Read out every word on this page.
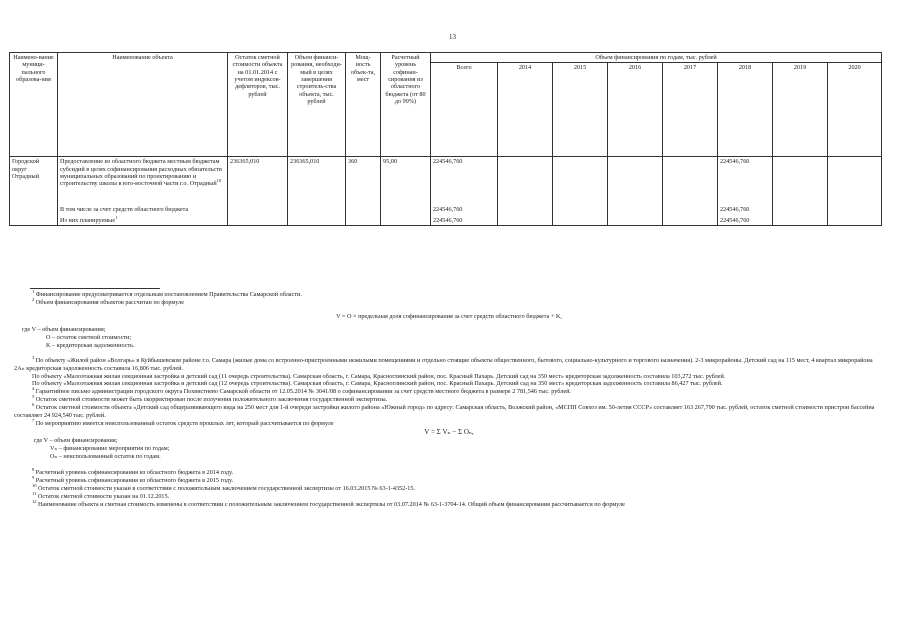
13
Наимено-вание муници-пального образова-ния	Наименование объекта	Остаток сметной стоимости объекта на 01.01.2014 с учетом индексов-дефляторов, тыс. рублей	Объем финанси-рования, необходи-мый в целях завершения строитель-ства объекта, тыс. рублей	Мощ-ность объек-та, мест	Расчетный уровень софинан-сирования из областного бюджета (от 80 до 99%)	Объем финансирования по годам, тыс. рублей							
						Всего	2014	2015	2016	2017	2018	2019	2020
Городской округ Отрадный	Предоставление из областного бюджета местным бюджетам субсидий в целях софинансирования расходных обязательств муниципальных образований по проектированию и строительству школы в юго-восточной части г.о. Отрадный$^{10}$	236365,010	236365,010	360	95,00	224546,760					224546,760		

	В том числе за счет средств областного бюджета					224546,760					224546,760		
	Из них планируемые$^1$					224546,760					224546,760		

$^1$ Финансирование предусматривается отдельным постановлением Правительства Самарской области.

$^2$ Объем финансирования объектов рассчитан по формуле

V = O × предельная доля софинансирования за счет средств областного бюджета + K,

где V – объем финансирования;

O – остаток сметной стоимости;

K – кредиторская задолженность.

$^3$ По объекту «Жилой район «Волгарь» в Куйбышевском районе г.о. Самара (жилые дома со встроенно-пристроенными нежилыми помещениями и отдельно стоящие объекты общественного, бытового, социально-культурного и торгового назначения). 2-3 микрорайоны. Детский сад на 115 мест, 4 квартал микрорайона 2А» кредиторская задолженность составила 16,806 тыс. рублей.

По объекту «Малоэтажная жилая секционная застройка и детский сад (11 очередь строительства). Самарская область, г. Самара, Красноглинский район, пос. Красный Пахарь. Детский сад на 350 мест» кредиторская задолженность составила 103,272 тыс. рублей.

По объекту «Малоэтажная жилая секционная застройка и детский сад (12 очередь строительства). Самарская область, г. Самара, Красноглинский район, пос. Красный Пахарь. Детский сад на 350 мест» кредиторская задолженность составила 86,427 тыс. рублей.

$^4$ Гарантийное письмо администрации городского округа Похвистнево Самарской области от 12.05.2014 № 3041/08 о софинансировании за счет средств местного бюджета в размере 2 781,546 тыс. рублей.

$^5$ Остаток сметной стоимости может быть скорректирован после получения положительного заключения государственной экспертизы.

$^6$ Остаток сметной стоимости объекта «Детский сад общеразвивающего вида на 250 мест для 1-й очереди застройки жилого района «Южный город» по адресу: Самарская область, Волжский район, «МСПП Совхоз им. 50-летия СССР» составляет 163 267,790 тыс. рублей, остаток сметной стоимости пристрои бассейна составляет 24 924,540 тыс. рублей.

$^7$ По мероприятию имеется неиспользованный остаток средств прошлых лет, который рассчитывается по формуле

V = Σ Vₙ − Σ Oₙ,

где V – объем финансирования;

Vₙ – финансирование мероприятия по годам;

Oₙ – неиспользованный остаток по годам.

$^8$ Расчетный уровень софинансирования из областного бюджета в 2014 году.

$^9$ Расчетный уровень софинансирования из областного бюджета в 2015 году.

$^{10}$ Остаток сметной стоимости указан в соответствии с положительным заключением государственной экспертизы от 16.03.2015 № 63-1-4352-15.

$^{11}$ Остаток сметной стоимости указан на 01.12.2015.

$^{12}$ Наименование объекта и сметная стоимость изменены в соответствии с положительным заключением государственной экспертизы от 03.07.2014 № 63-1-3704-14. Общий объем финансирования рассчитывается по формуле
